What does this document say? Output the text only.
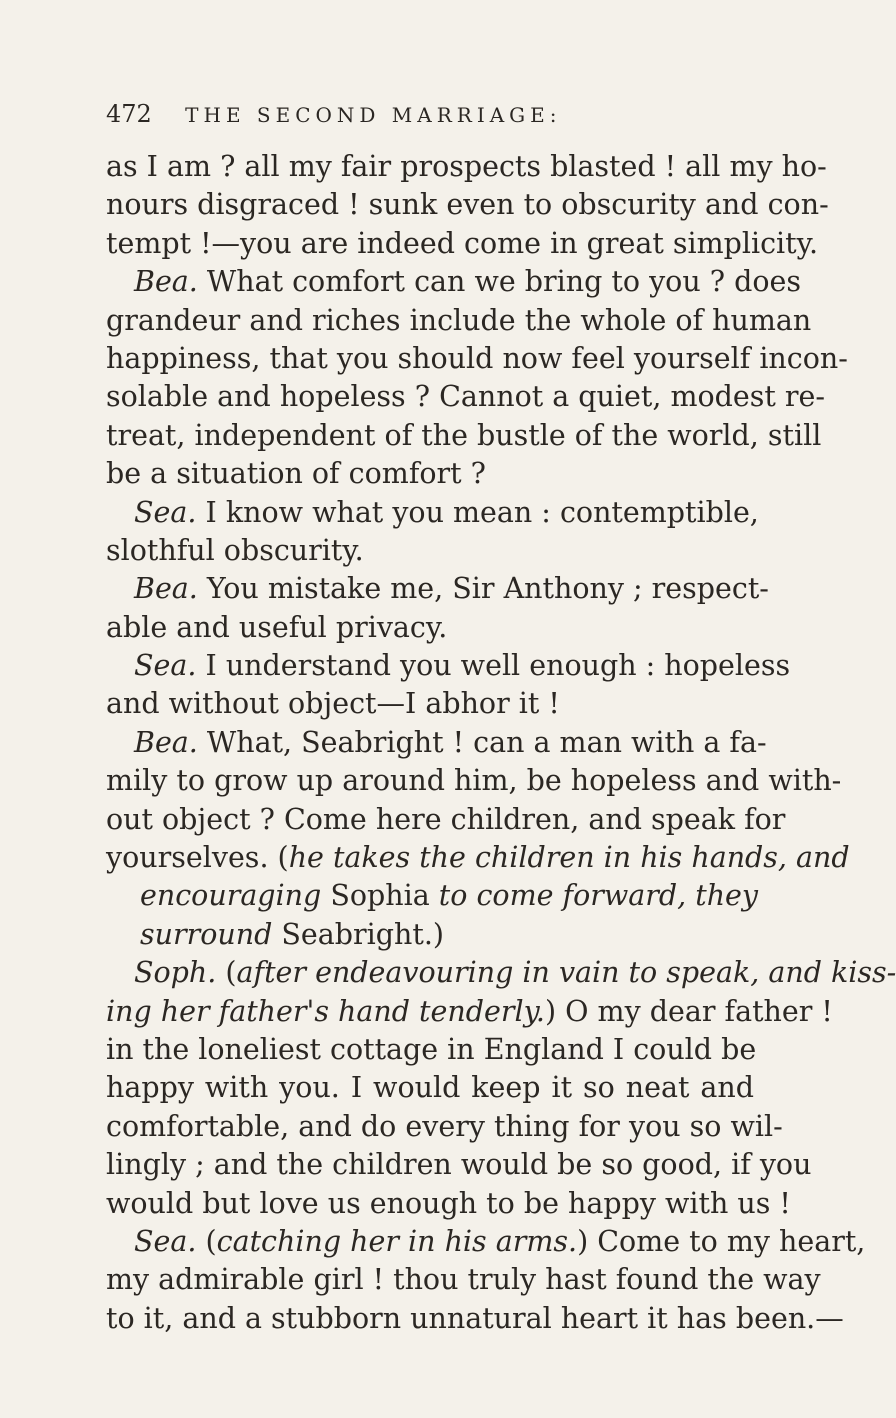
472 THE SECOND MARRIAGE:
as I am ? all my fair prospects blasted ! all my ho-
nours disgraced ! sunk even to obscurity and con-
tempt !—you are indeed come in great simplicity.
Bea. What comfort can we bring to you ? does
grandeur and riches include the whole of human
happiness, that you should now feel yourself incon-
solable and hopeless ? Cannot a quiet, modest re-
treat, independent of the bustle of the world, still
be a situation of comfort ?
Sea. I know what you mean : contemptible,
slothful obscurity.
Bea. You mistake me, Sir Anthony ; respect-
able and useful privacy.
Sea. I understand you well enough : hopeless
and without object—I abhor it !
Bea. What, Seabright ! can a man with a fa-
mily to grow up around him, be hopeless and with-
out object ? Come here children, and speak for
yourselves. (he takes the children in his hands, and
encouraging Sophia to come forward, they
surround Seabright.)
Soph. (after endeavouring in vain to speak, and kiss-
ing her father's hand tenderly.) O my dear father !
in the loneliest cottage in England I could be
happy with you. I would keep it so neat and
comfortable, and do every thing for you so wil-
lingly ; and the children would be so good, if you
would but love us enough to be happy with us !
Sea. (catching her in his arms.) Come to my heart,
my admirable girl ! thou truly hast found the way
to it, and a stubborn unnatural heart it has been.—
